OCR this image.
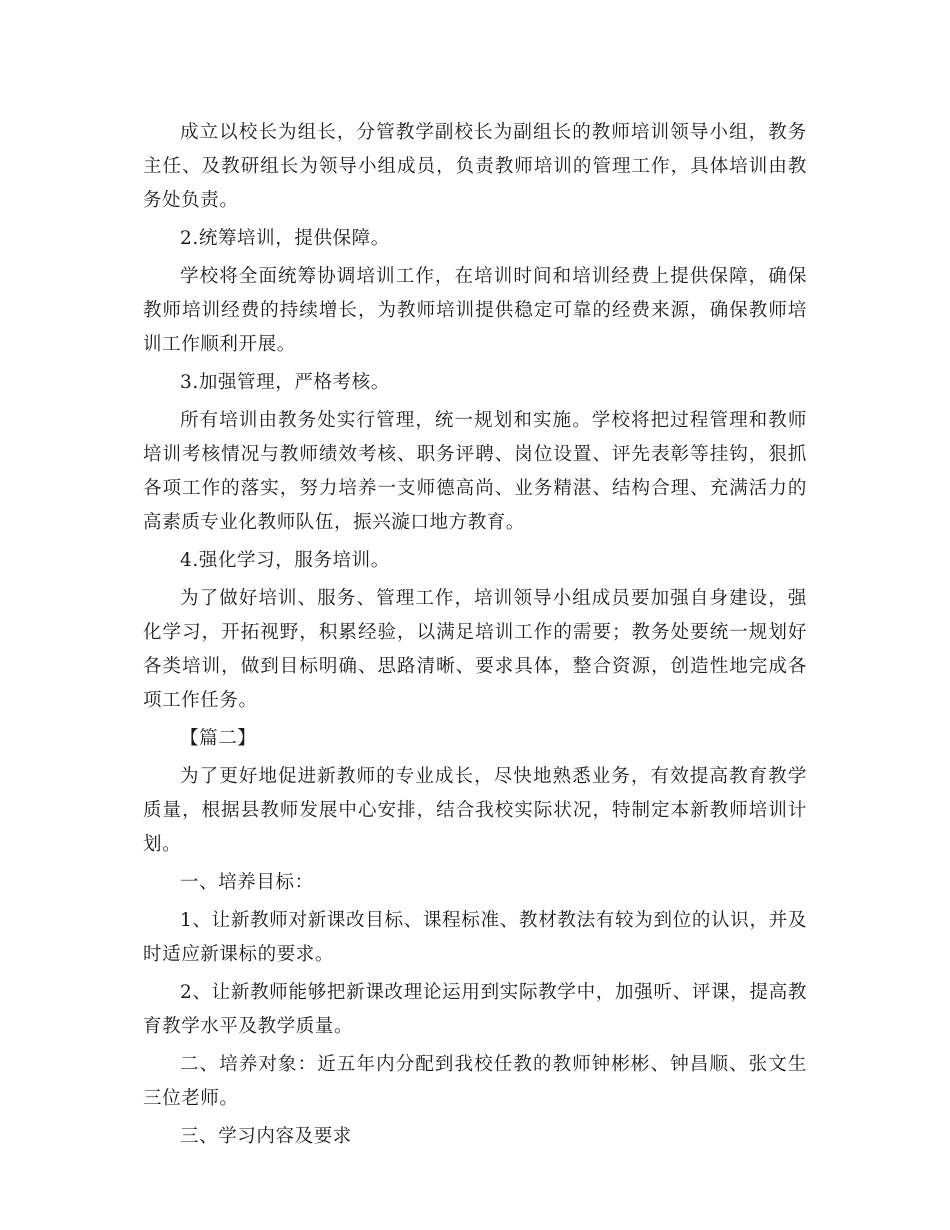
成立以校长为组长，分管教学副校长为副组长的教师培训领导小组，教务主任、及教研组长为领导小组成员，负责教师培训的管理工作，具体培训由教务处负责。

2.统筹培训，提供保障。

学校将全面统筹协调培训工作，在培训时间和培训经费上提供保障，确保教师培训经费的持续增长，为教师培训提供稳定可靠的经费来源，确保教师培训工作顺利开展。

3.加强管理，严格考核。

所有培训由教务处实行管理，统一规划和实施。学校将把过程管理和教师培训考核情况与教师绩效考核、职务评聘、岗位设置、评先表彰等挂钩，狠抓各项工作的落实，努力培养一支师德高尚、业务精湛、结构合理、充满活力的高素质专业化教师队伍，振兴漩口地方教育。

4.强化学习，服务培训。

为了做好培训、服务、管理工作，培训领导小组成员要加强自身建设，强化学习，开拓视野，积累经验，以满足培训工作的需要；教务处要统一规划好各类培训，做到目标明确、思路清晰、要求具体，整合资源，创造性地完成各项工作任务。

【篇二】

为了更好地促进新教师的专业成长，尽快地熟悉业务，有效提高教育教学质量，根据县教师发展中心安排，结合我校实际状况，特制定本新教师培训计划。

一、培养目标：

1、让新教师对新课改目标、课程标准、教材教法有较为到位的认识，并及时适应新课标的要求。

2、让新教师能够把新课改理论运用到实际教学中，加强听、评课，提高教育教学水平及教学质量。

二、培养对象：近五年内分配到我校任教的教师钟彬彬、钟昌顺、张文生三位老师。

三、学习内容及要求
